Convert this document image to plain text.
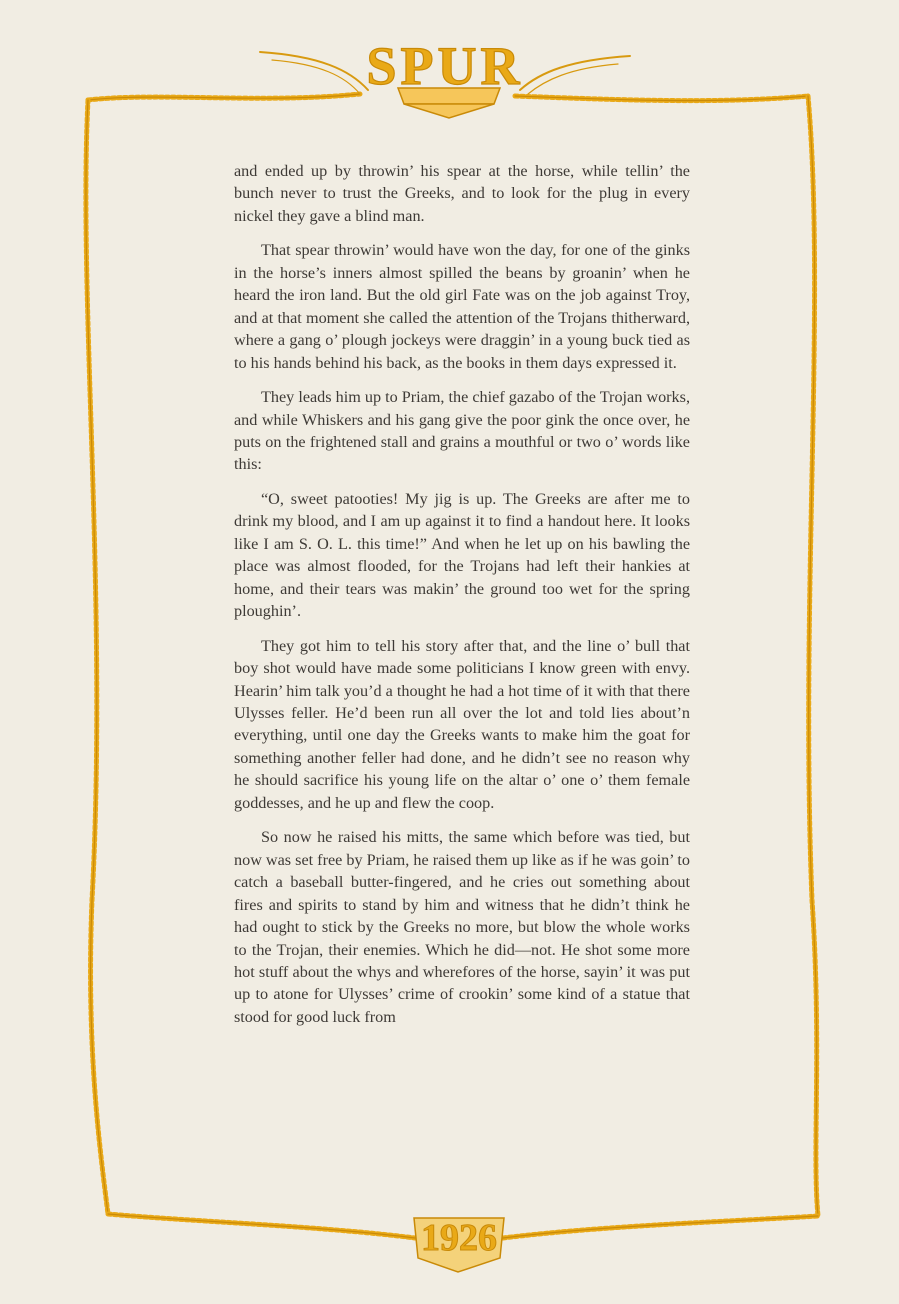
SPUR
1926

and ended up by throwin’ his spear at the horse, while tellin’ the bunch never to trust the Greeks, and to look for the plug in every nickel they gave a blind man.

That spear throwin’ would have won the day, for one of the ginks in the horse’s inners almost spilled the beans by groanin’ when he heard the iron land. But the old girl Fate was on the job against Troy, and at that moment she called the attention of the Trojans thitherward, where a gang o’ plough jockeys were draggin’ in a young buck tied as to his hands behind his back, as the books in them days expressed it.

They leads him up to Priam, the chief gazabo of the Trojan works, and while Whiskers and his gang give the poor gink the once over, he puts on the frightened stall and grains a mouthful or two o’ words like this:

“O, sweet patooties! My jig is up. The Greeks are after me to drink my blood, and I am up against it to find a handout here. It looks like I am S. O. L. this time!” And when he let up on his bawling the place was almost flooded, for the Trojans had left their hankies at home, and their tears was makin’ the ground too wet for the spring ploughin’.

They got him to tell his story after that, and the line o’ bull that boy shot would have made some politicians I know green with envy. Hearin’ him talk you’d a thought he had a hot time of it with that there Ulysses feller. He’d been run all over the lot and told lies about’n everything, until one day the Greeks wants to make him the goat for something another feller had done, and he didn’t see no reason why he should sacrifice his young life on the altar o’ one o’ them female goddesses, and he up and flew the coop.

So now he raised his mitts, the same which before was tied, but now was set free by Priam, he raised them up like as if he was goin’ to catch a baseball butter-fingered, and he cries out something about fires and spirits to stand by him and witness that he didn’t think he had ought to stick by the Greeks no more, but blow the whole works to the Trojan, their enemies. Which he did—not. He shot some more hot stuff about the whys and wherefores of the horse, sayin’ it was put up to atone for Ulysses’ crime of crookin’ some kind of a statue that stood for good luck from
